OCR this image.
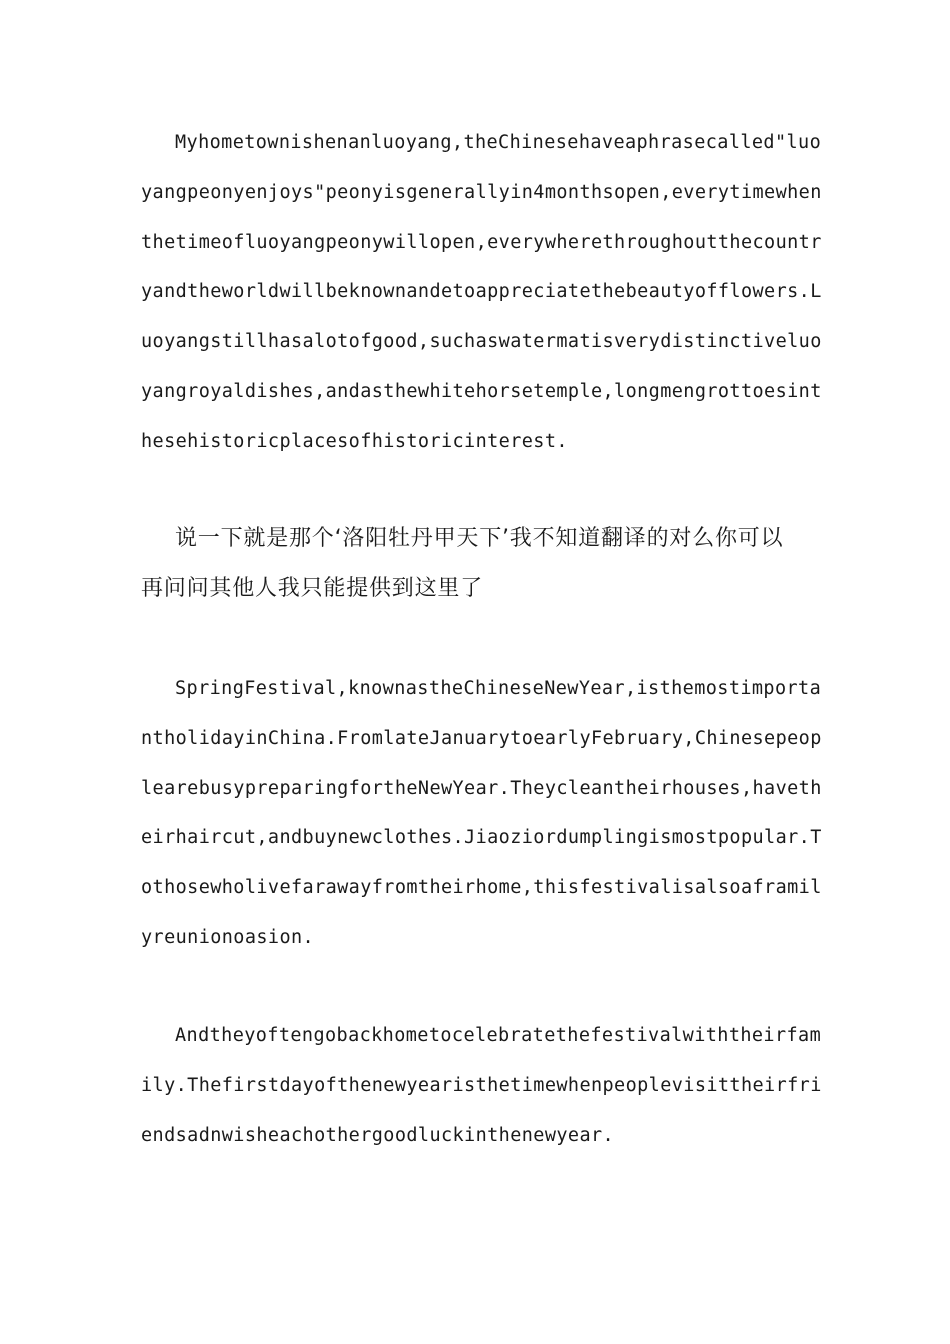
Myhometownishenanluoyang,theChinesehaveaphrasecalled"luo
yangpeonyenjoys"peonyisgenerallyin4monthsopen,everytimewhen
thetimeofluoyangpeonywillopen,everywherethroughoutthecountr
yandtheworldwillbeknownandetoappreciatethebeautyofflowers.L
uoyangstillhasalotofgood,suchaswatermatisverydistinctiveluo
yangroyaldishes,andasthewhitehorsetemple,longmengrottoesint
hesehistoricplacesofhistoricinterest.
说一下就是那个‘洛阳牡丹甲天下’我不知道翻译的对么你可以
再问问其他人我只能提供到这里了
SpringFestival,knownastheChineseNewYear,isthemostimporta
ntholidayinChina.FromlateJanuarytoearlyFebruary,Chinesepeop
learebusypreparingfortheNewYear.Theycleantheirhouses,haveth
eirhaircut,andbuynewclothes.Jiaoziordumplingismostpopular.T
othosewholivefarawayfromtheirhome,thisfestivalisalsoaframil
yreunionoasion.
Andtheyoftengobackhometocelebratethefestivalwiththeirfam
ily.Thefirstdayofthenewyearisthetimewhenpeoplevisittheirfri
endsadnwisheachothergoodluckinthenewyear.
